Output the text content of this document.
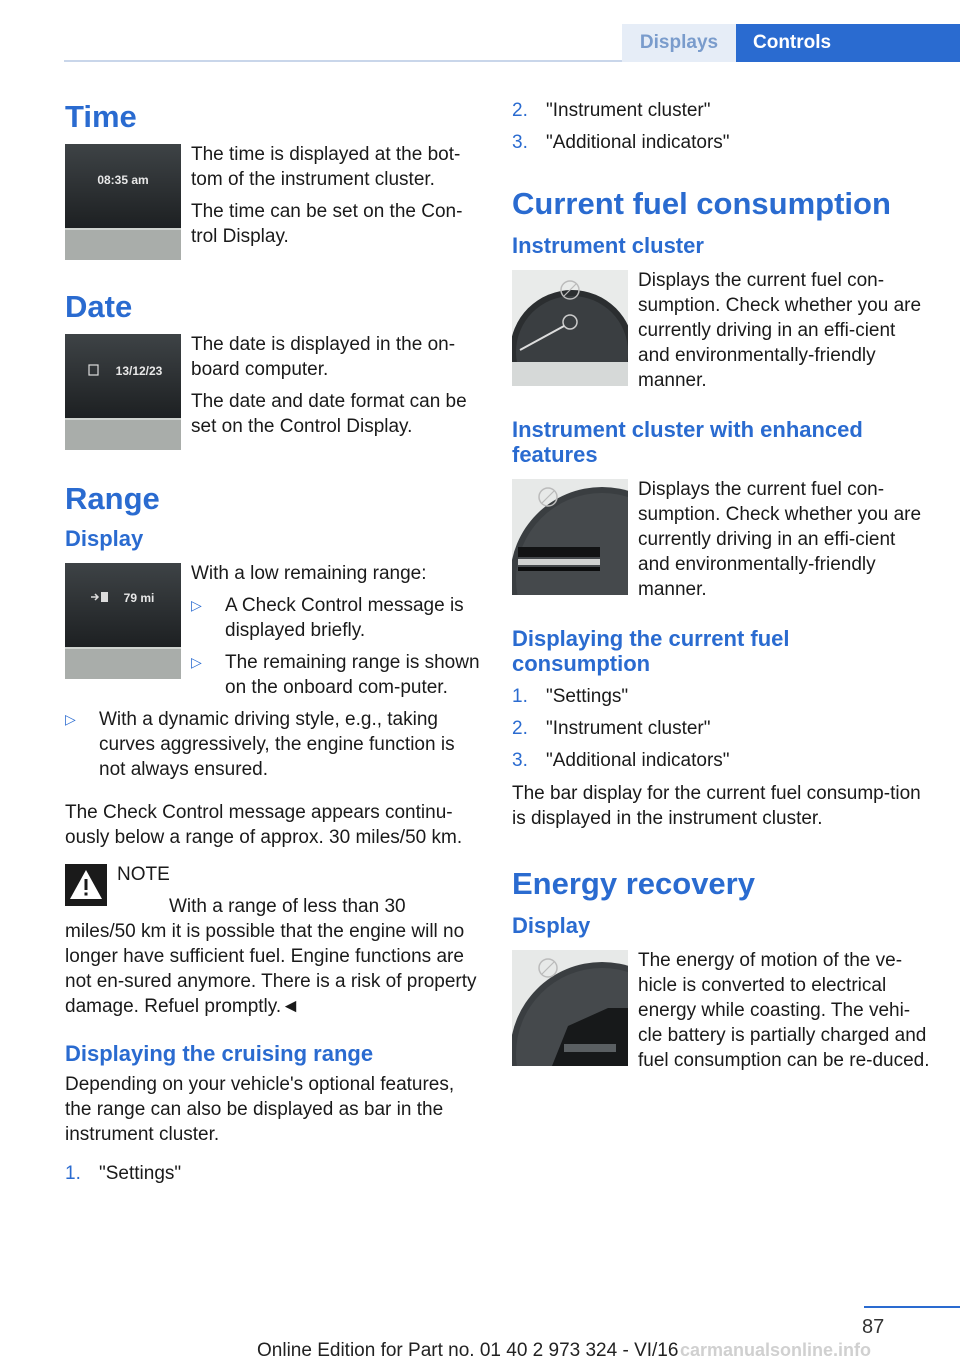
Displays	Controls
Time
08:35 am

The time is displayed at the bot-tom of the instrument cluster.

The time can be set on the Con-trol Display.

Date
13/12/23

The date is displayed in the on-board computer.

The date and date format can be set on the Control Display.

Range
Display
79 mi

With a low remaining range:

▷ A Check Control message is displayed briefly.
▷ The remaining range is shown on the onboard com-puter.
▷ With a dynamic driving style, e.g., taking curves aggressively, the engine function is not always ensured.

The Check Control message appears continu-ously below a range of approx. 30 miles/50 km.

NOTE

With a range of less than 30 miles/50 km it is possible that the engine will no longer have sufficient fuel. Engine functions are not en-sured anymore. There is a risk of property damage. Refuel promptly.◄

Displaying the cruising range

Depending on your vehicle's optional features, the range can also be displayed as bar in the instrument cluster.

1. "Settings"
2. "Instrument cluster"
3. "Additional indicators"
Current fuel consumption
Instrument cluster

Displays the current fuel con-sumption. Check whether you are currently driving in an effi-cient and environmentally-friendly manner.

Instrument cluster with enhanced features

Displays the current fuel con-sumption. Check whether you are currently driving in an effi-cient and environmentally-friendly manner.

Displaying the current fuel consumption
1. "Settings"
2. "Instrument cluster"
3. "Additional indicators"

The bar display for the current fuel consump-tion is displayed in the instrument cluster.

Energy recovery
Display

The energy of motion of the ve-hicle is converted to electrical energy while coasting. The vehi-cle battery is partially charged and fuel consumption can be re-duced.

87
Online Edition for Part no. 01 40 2 973 324 - VI/16 carmanualsonline.info
